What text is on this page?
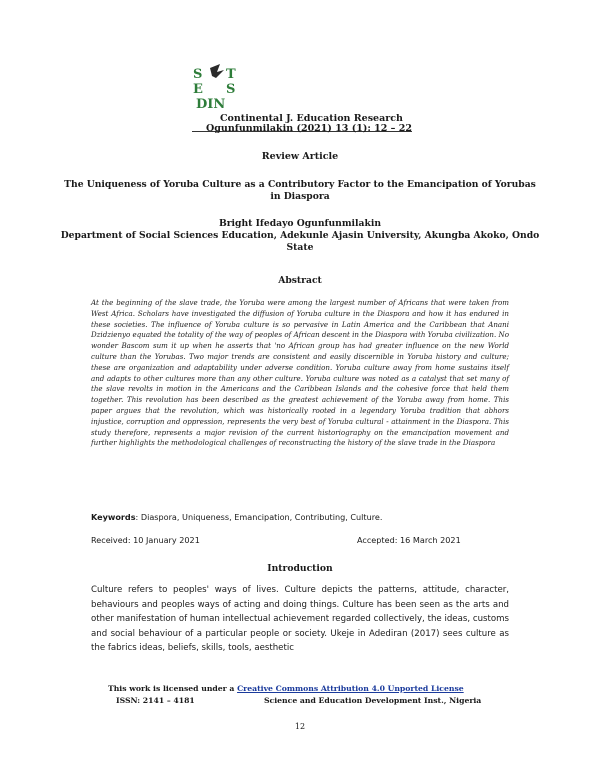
S T
E S
DIN
Continental J. Education Research
Ogunfunmilakin (2021) 13 (1): 12 – 22
Review Article
The Uniqueness of Yoruba Culture as a Contributory Factor to the Emancipation of Yorubas in Diaspora
Bright Ifedayo Ogunfunmilakin
Department of Social Sciences Education, Adekunle Ajasin University, Akungba Akoko, Ondo State
Abstract
At the beginning of the slave trade, the Yoruba were among the largest number of Africans that were taken from West Africa. Scholars have investigated the diffusion of Yoruba culture in the Diaspora and how it has endured in these societies. The influence of Yoruba culture is so pervasive in Latin America and the Caribbean that Anani Dzidzienyo equated the totality of the way of peoples of African descent in the Diaspora with Yoruba civilization. No wonder Bascom sum it up when he asserts that 'no African group has had greater influence on the new World culture than the Yorubas. Two major trends are consistent and easily discernible in Yoruba history and culture; these are organization and adaptability under adverse condition. Yoruba culture away from home sustains itself and adapts to other cultures more than any other culture. Yoruba culture was noted as a catalyst that set many of the slave revolts in motion in the Americans and the Caribbean Islands and the cohesive force that held them together. This revolution has been described as the greatest achievement of the Yoruba away from home. This paper argues that the revolution, which was historically rooted in a legendary Yoruba tradition that abhors injustice, corruption and oppression, represents the very best of Yoruba cultural - attainment in the Diaspora. This study therefore, represents a major revision of the current historiography on the emancipation movement and further highlights the methodological challenges of reconstructing the history of the slave trade in the Diaspora
Keywords: Diaspora, Uniqueness, Emancipation, Contributing, Culture.
Received: 10 January 2021	Accepted: 16 March 2021
Introduction
Culture refers to peoples' ways of lives. Culture depicts the patterns, attitude, character, behaviours and peoples ways of acting and doing things. Culture has been seen as the arts and other manifestation of human intellectual achievement regarded collectively, the ideas, customs and social behaviour of a particular people or society. Ukeje in Adediran (2017) sees culture as the fabrics ideas, beliefs, skills, tools, aesthetic
This work is licensed under a Creative Commons Attribution 4.0 Unported License
ISSN: 2141 – 4181	Science and Education Development Inst., Nigeria
12
